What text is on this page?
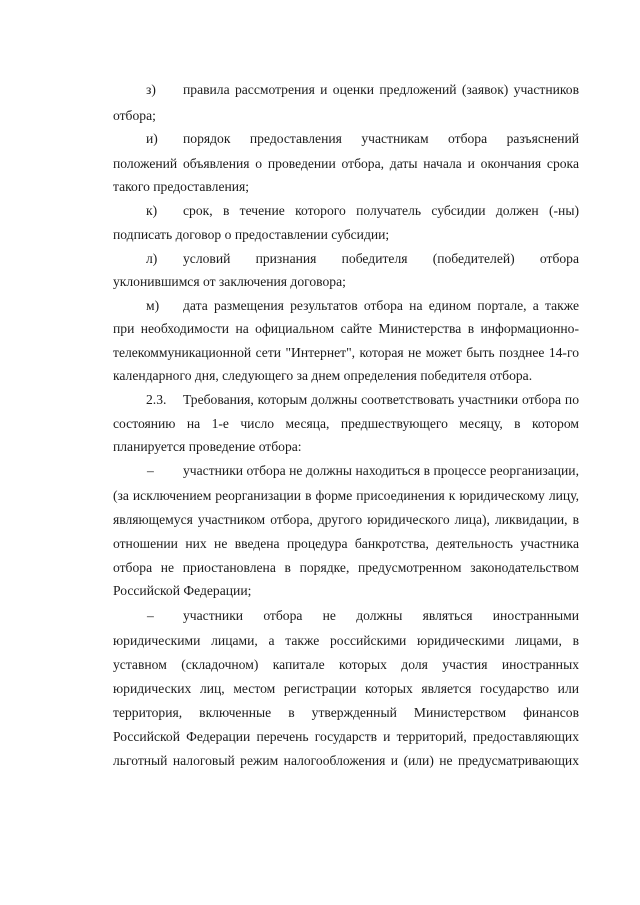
з) правила рассмотрения и оценки предложений (заявок) участников
отбора;
и) порядок предоставления участникам отбора разъяснений
положений объявления о проведении отбора, даты начала и окончания срока
такого предоставления;
к) срок, в течение которого получатель субсидии должен (-ны)
подписать договор о предоставлении субсидии;
л) условий признания победителя (победителей) отбора
уклонившимся от заключения договора;
м) дата размещения результатов отбора на едином портале, а также
при необходимости на официальном сайте Министерства в информационно-
телекоммуникационной сети "Интернет", которая не может быть позднее 14-го
календарного дня, следующего за днем определения победителя отбора.
2.3. Требования, которым должны соответствовать участники отбора по
состоянию на 1-е число месяца, предшествующего месяцу, в котором
планируется проведение отбора:
– участники отбора не должны находиться в процессе реорганизации,
(за исключением реорганизации в форме присоединения к юридическому лицу,
являющемуся участником отбора, другого юридического лица), ликвидации, в
отношении них не введена процедура банкротства, деятельность участника
отбора не приостановлена в порядке, предусмотренном законодательством
Российской Федерации;
– участники отбора не должны являться иностранными
юридическими лицами, а также российскими юридическими лицами, в
уставном (складочном) капитале которых доля участия иностранных
юридических лиц, местом регистрации которых является государство или
территория, включенные в утвержденный Министерством финансов
Российской Федерации перечень государств и территорий, предоставляющих
льготный налоговый режим налогообложения и (или) не предусматривающих
